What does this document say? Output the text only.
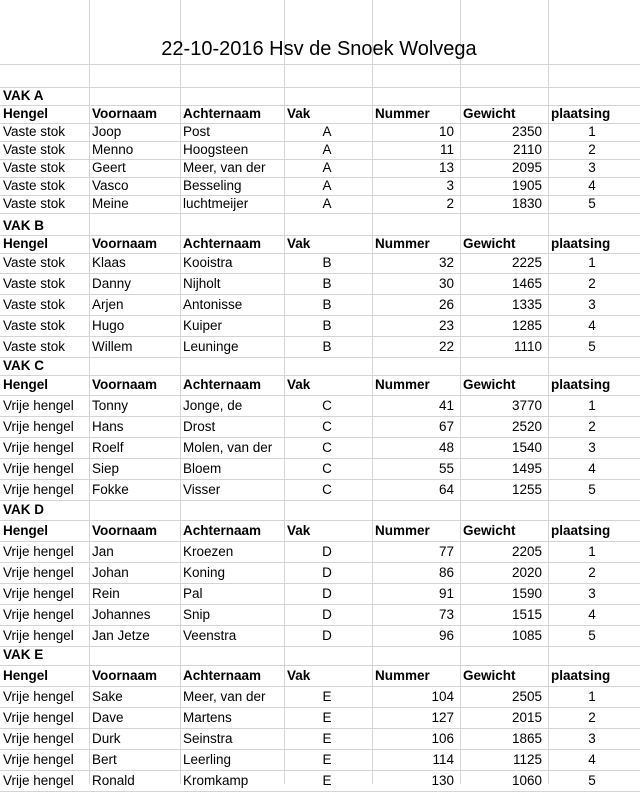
VAK A
Hengel	Voornaam	Achternaam	Vak	Nummer	Gewicht	plaatsing
Vaste stok	Joop	Post	A	10	2350	1
Vaste stok	Menno	Hoogsteen	A	11	2110	2
Vaste stok	Geert	Meer, van der	A	13	2095	3
Vaste stok	Vasco	Besseling	A	3	1905	4
Vaste stok	Meine	luchtmeijer	A	2	1830	5
VAK B
Hengel	Voornaam	Achternaam	Vak	Nummer	Gewicht	plaatsing
Vaste stok	Klaas	Kooistra	B	32	2225	1
Vaste stok	Danny	Nijholt	B	30	1465	2
Vaste stok	Arjen	Antonisse	B	26	1335	3
Vaste stok	Hugo	Kuiper	B	23	1285	4
Vaste stok	Willem	Leuninge	B	22	1110	5
VAK C
Hengel	Voornaam	Achternaam	Vak	Nummer	Gewicht	plaatsing
Vrije hengel	Tonny	Jonge, de	C	41	3770	1
Vrije hengel	Hans	Drost	C	67	2520	2
Vrije hengel	Roelf	Molen, van der	C	48	1540	3
Vrije hengel	Siep	Bloem	C	55	1495	4
Vrije hengel	Fokke	Visser	C	64	1255	5
VAK D
Hengel	Voornaam	Achternaam	Vak	Nummer	Gewicht	plaatsing
Vrije hengel	Jan	Kroezen	D	77	2205	1
Vrije hengel	Johan	Koning	D	86	2020	2
Vrije hengel	Rein	Pal	D	91	1590	3
Vrije hengel	Johannes	Snip	D	73	1515	4
Vrije hengel	Jan Jetze	Veenstra	D	96	1085	5
VAK E
Hengel	Voornaam	Achternaam	Vak	Nummer	Gewicht	plaatsing
Vrije hengel	Sake	Meer, van der	E	104	2505	1
Vrije hengel	Dave	Martens	E	127	2015	2
Vrije hengel	Durk	Seinstra	E	106	1865	3
Vrije hengel	Bert	Leerling	E	114	1125	4
Vrije hengel	Ronald	Kromkamp	E	130	1060	5
22-10-2016 Hsv de Snoek Wolvega
